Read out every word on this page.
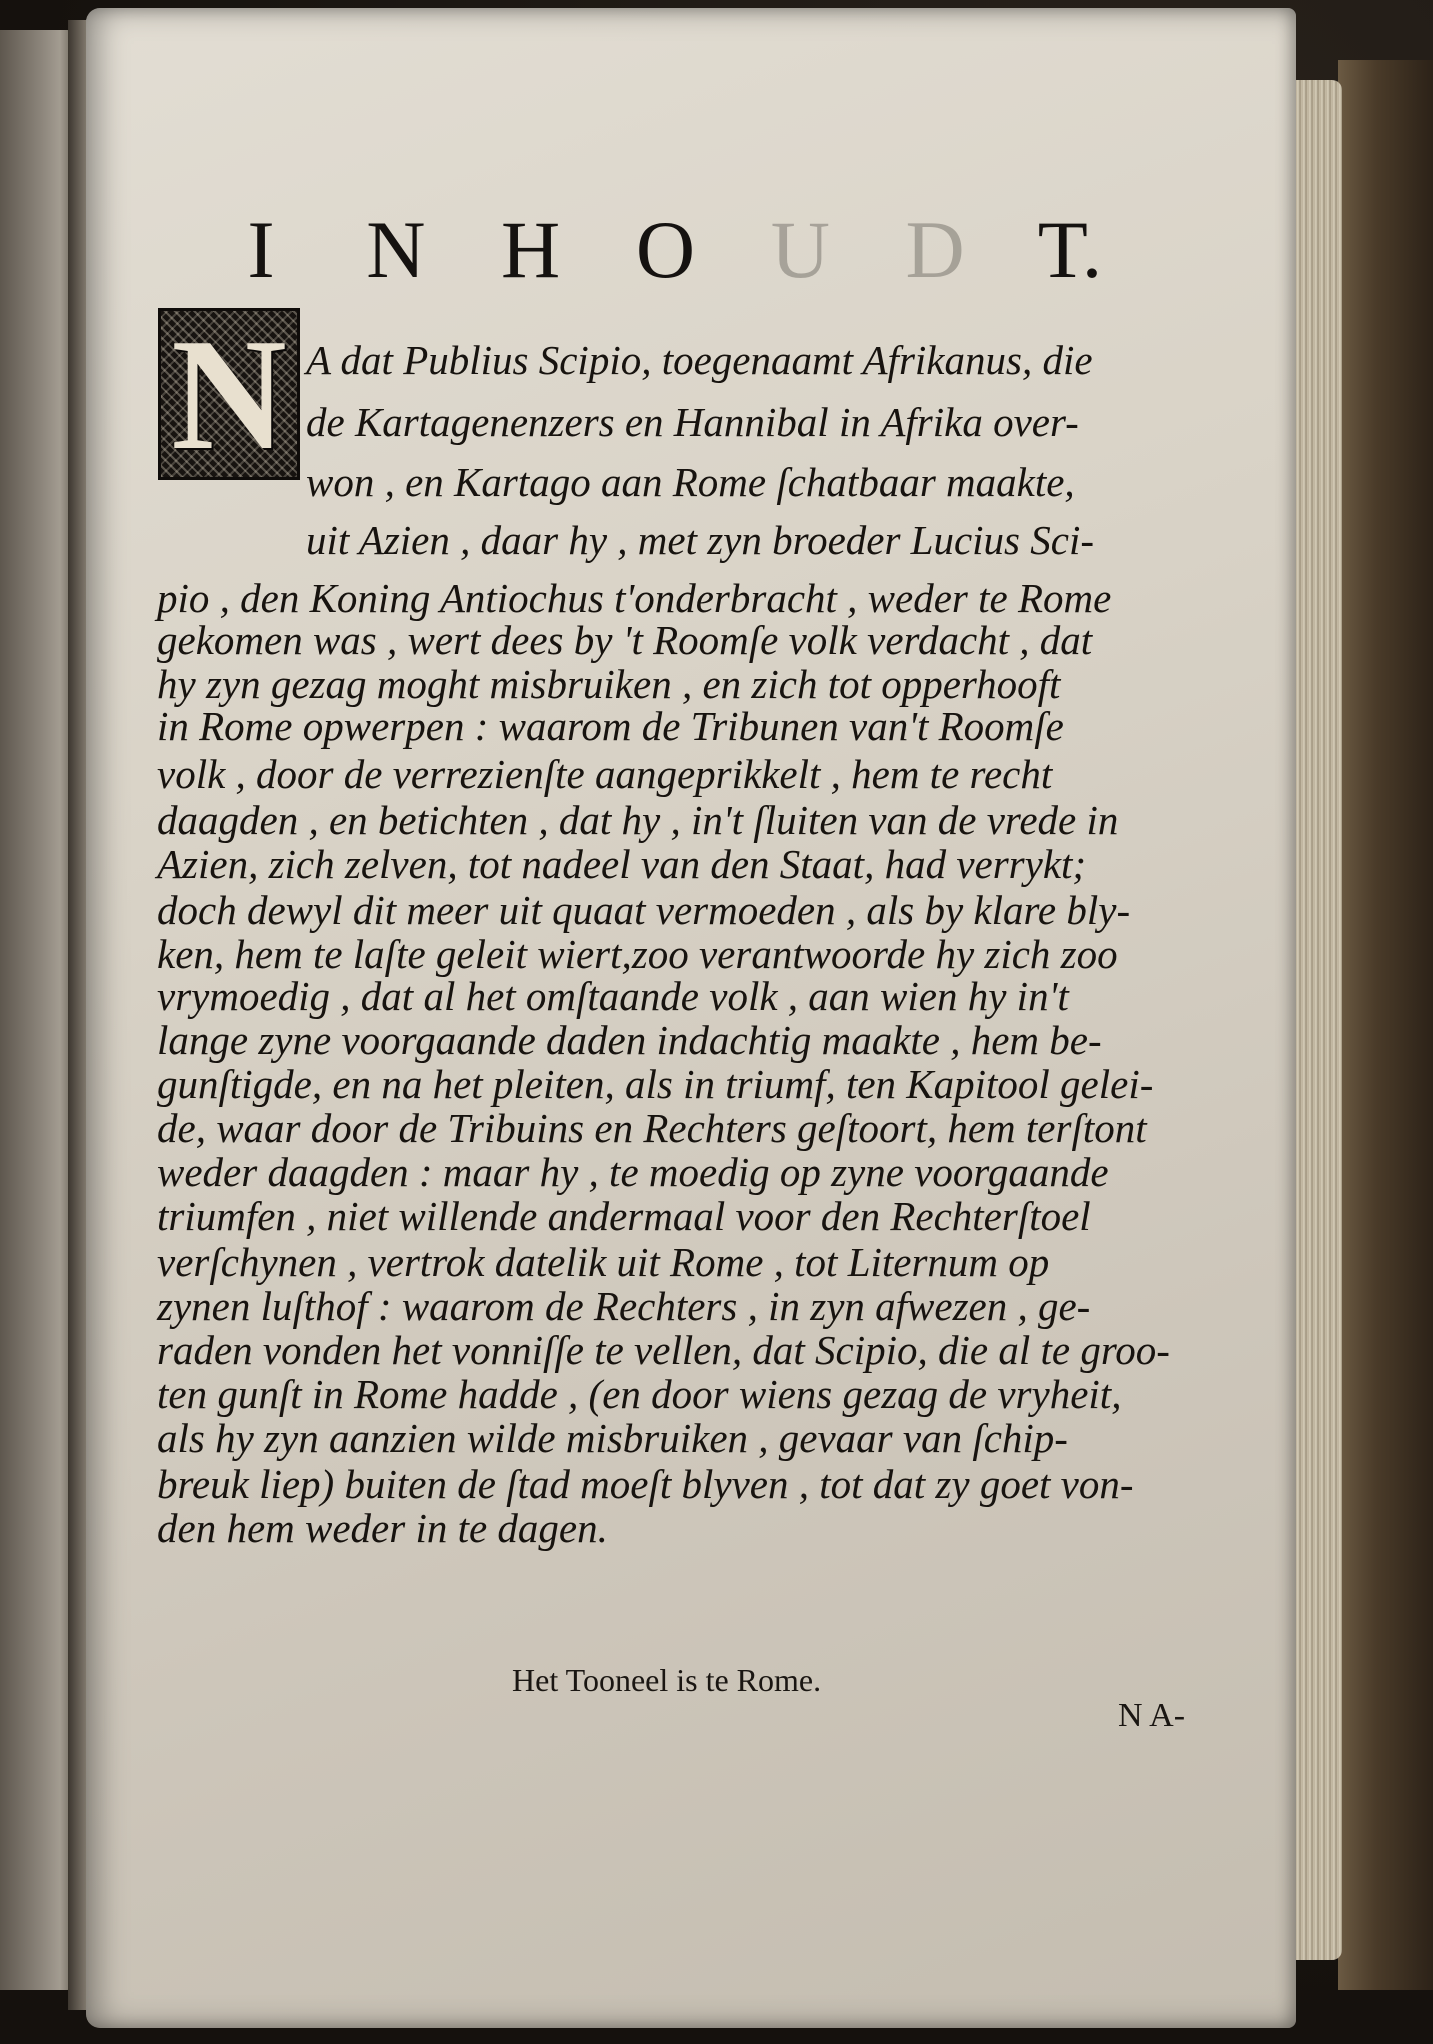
I	N H O U D T.
N A dat Publius Scipio, toegenaamt Afrikanus, die
de Kartagenenzers en Hannibal in Afrika over-
won , en Kartago aan Rome ſchatbaar maakte,
uit Azien , daar hy , met zyn broeder Lucius Sci-
pio , den Koning Antiochus t'onderbracht , weder te Rome
gekomen was , wert dees by 't Roomſe volk verdacht , dat
hy zyn gezag moght misbruiken , en zich tot opperhooft
in Rome opwerpen : waarom de Tribunen van't Roomſe
volk , door de verrezienſte aangeprikkelt , hem te recht
daagden , en betichten , dat hy , in't ſluiten van de vrede in
Azien, zich zelven, tot nadeel van den Staat, had verrykt;
doch dewyl dit meer uit quaat vermoeden , als by klare bly-
ken, hem te laſte geleit wiert,zoo verantwoorde hy zich zoo
vrymoedig , dat al het omſtaande volk , aan wien hy in't
lange zyne voorgaande daden indachtig maakte , hem be-
gunſtigde, en na het pleiten, als in triumf, ten Kapitool gelei-
de, waar door de Tribuins en Rechters geſtoort, hem terſtont
weder daagden : maar hy , te moedig op zyne voorgaande
triumfen , niet willende andermaal voor den Rechterſtoel
verſchynen , vertrok datelik uit Rome , tot Liternum op
zynen luſthof : waarom de Rechters , in zyn afwezen , ge-
raden vonden het vonniſſe te vellen, dat Scipio, die al te groo-
ten gunſt in Rome hadde , (en door wiens gezag de vryheit,
als hy zyn aanzien wilde misbruiken , gevaar van ſchip-
breuk liep) buiten de ſtad moeſt blyven , tot dat zy goet von-
den hem weder in te dagen.
Het Tooneel is te Rome.
N A-
